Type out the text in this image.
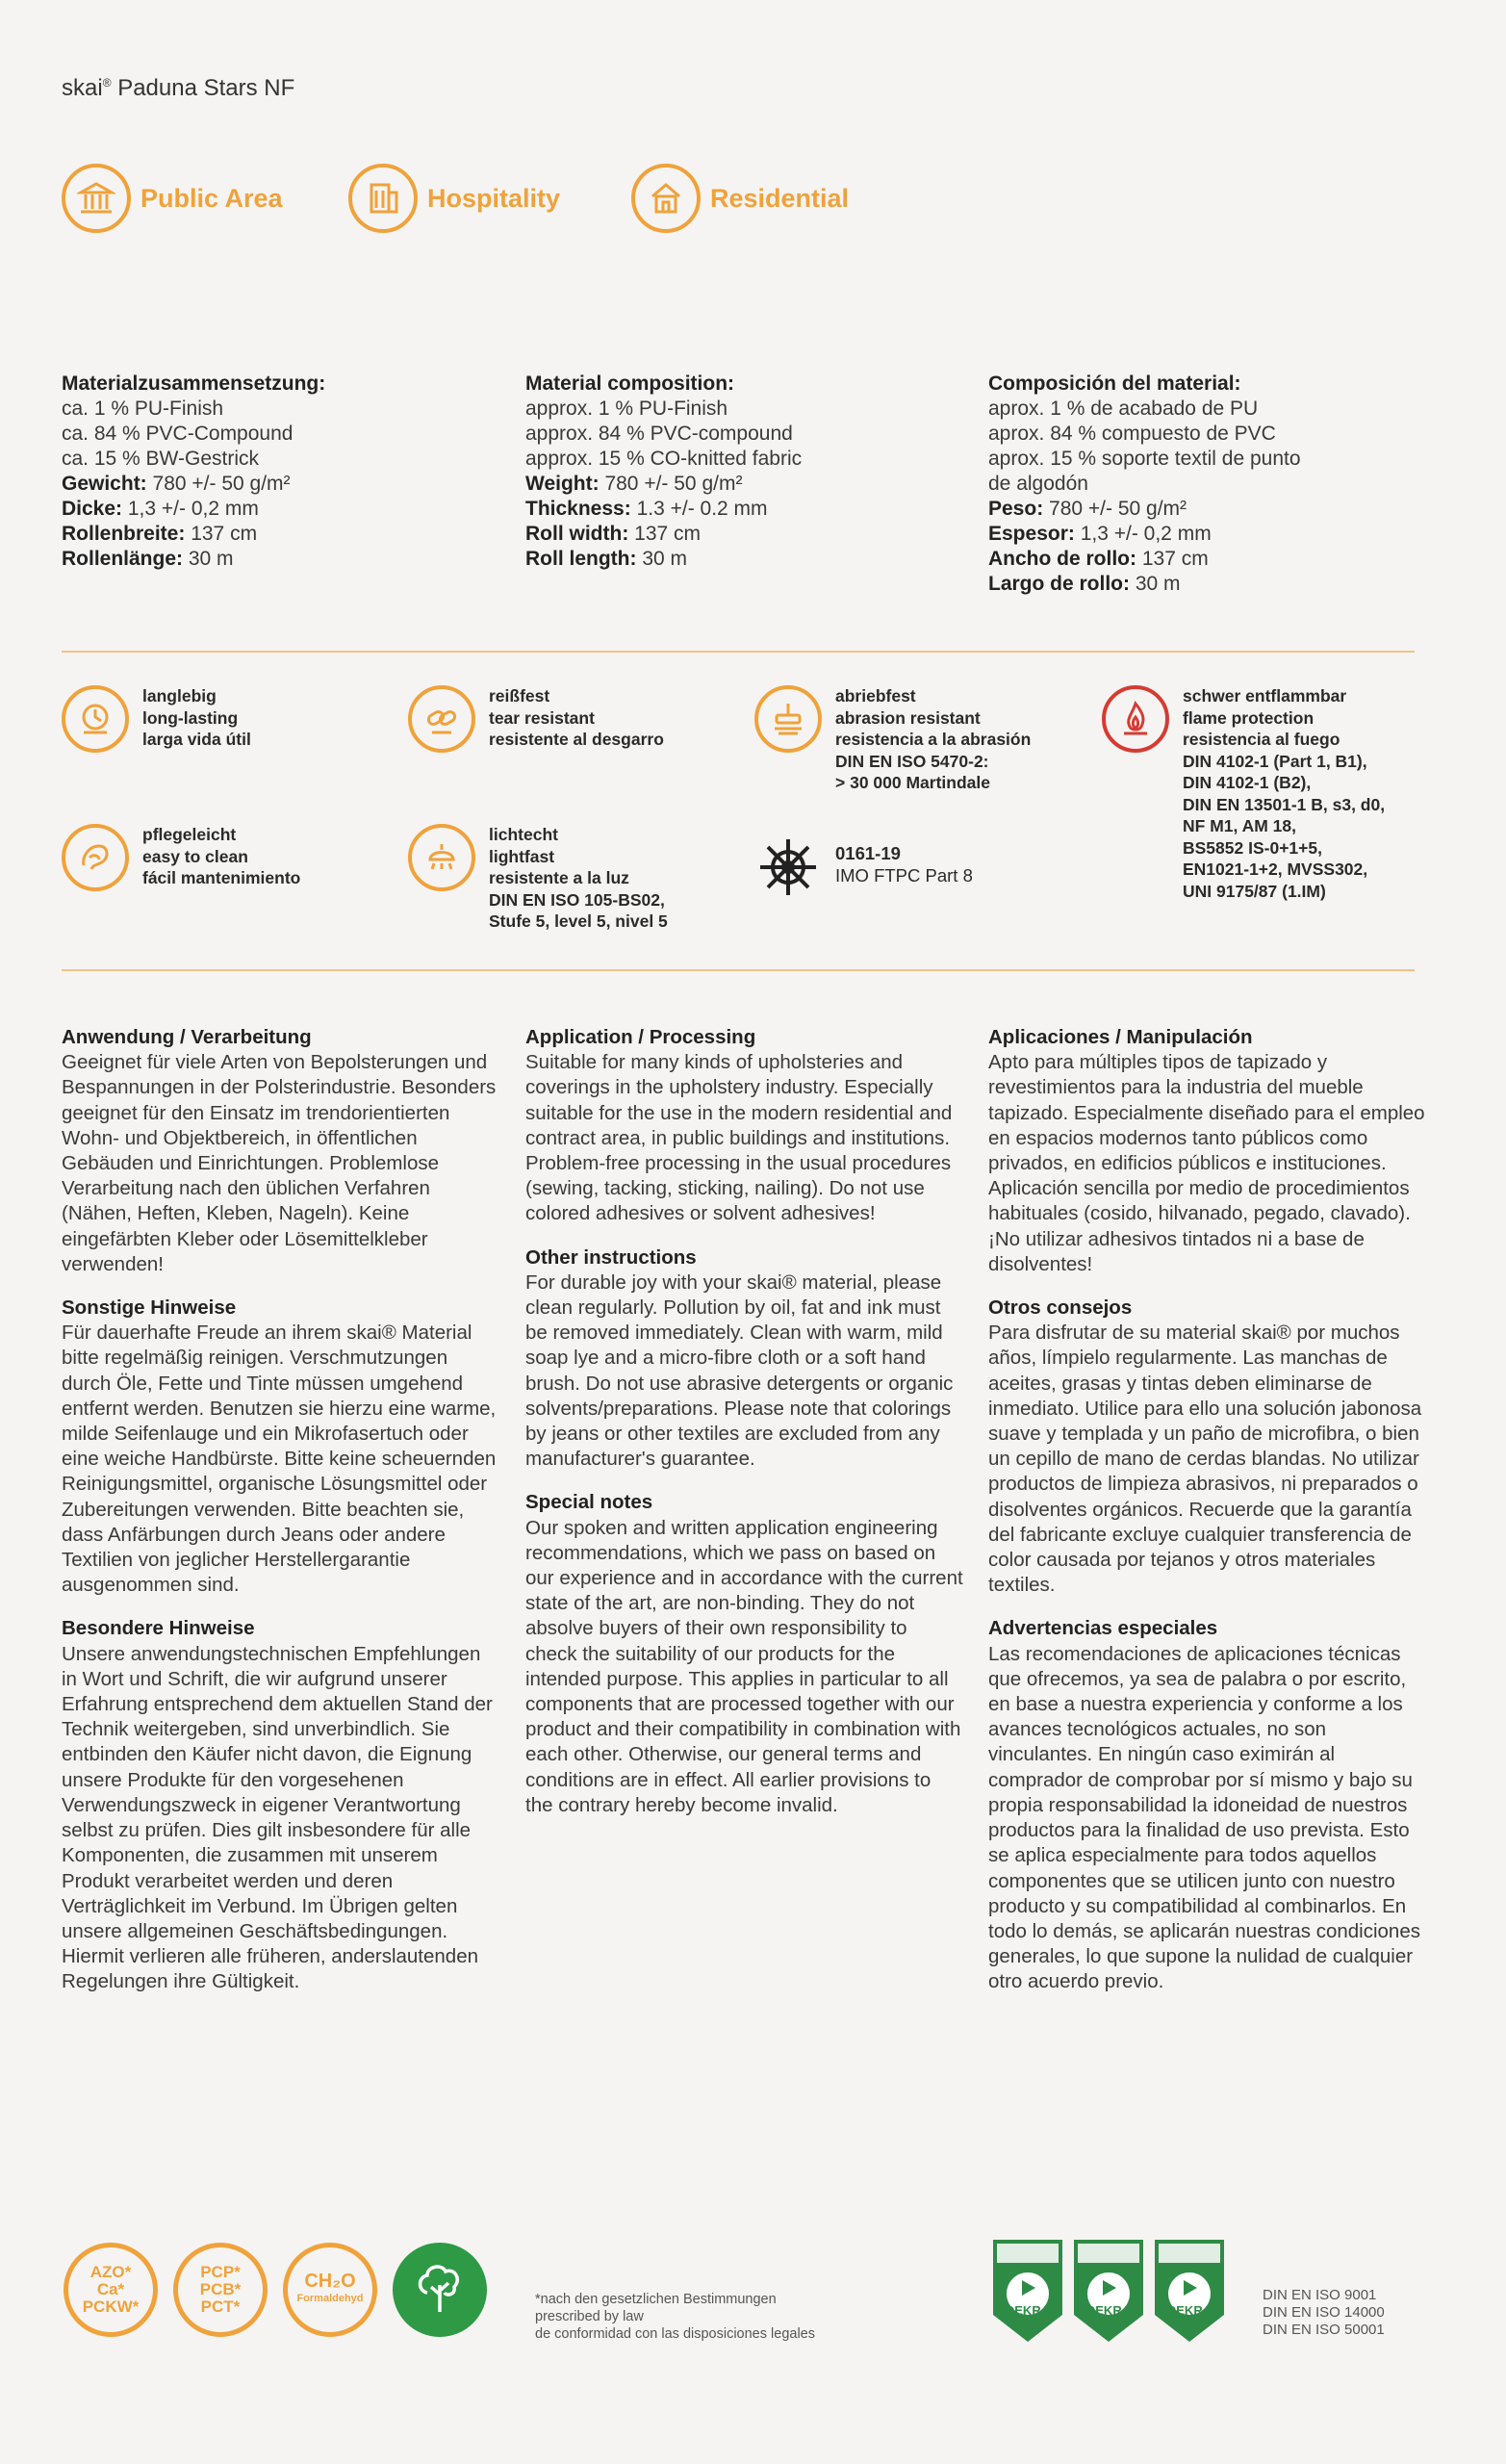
skai® Paduna Stars NF
Public Area	Hospitality	Residential
Materialzusammensetzung:
ca. 1 % PU-Finish
ca. 84 % PVC-Compound
ca. 15 % BW-Gestrick
Gewicht: 780 +/- 50 g/m²
Dicke: 1,3 +/- 0,2 mm
Rollenbreite: 137 cm
Rollenlänge: 30 m
Material composition:
approx. 1 % PU-Finish
approx. 84 % PVC-compound
approx. 15 % CO-knitted fabric
Weight: 780 +/- 50 g/m²
Thickness: 1.3 +/- 0.2 mm
Roll width: 137 cm
Roll length: 30 m
Composición del material:
aprox. 1 % de acabado de PU
aprox. 84 % compuesto de PVC
aprox. 15 % soporte textil de punto
de algodón
Peso: 780 +/- 50 g/m²
Espesor: 1,3 +/- 0,2 mm
Ancho de rollo: 137 cm
Largo de rollo: 30 m
langlebig
long-lasting
larga vida útil
reißfest
tear resistant
resistente al desgarro
abriebfest
abrasion resistant
resistencia a la abrasión
DIN EN ISO 5470-2:
> 30 000 Martindale
schwer entflammbar
flame protection
resistencia al fuego
DIN 4102-1 (Part 1, B1),
DIN 4102-1 (B2),
DIN EN 13501-1 B, s3, d0,
NF M1, AM 18,
BS5852 IS-0+1+5,
EN1021-1+2, MVSS302,
UNI 9175/87 (1.IM)
pflegeleicht
easy to clean
fácil mantenimiento
lichtecht
lightfast
resistente a la luz
DIN EN ISO 105-BS02,
Stufe 5, level 5, nivel 5
0161-19
IMO FTPC Part 8

Anwendung / Verarbeitung
Geeignet für viele Arten von Bepolsterungen und Bespannungen in der Polsterindustrie. Besonders geeignet für den Einsatz im trendorientierten Wohn- und Objektbereich, in öffentlichen Gebäuden und Einrichtungen. Problemlose Verarbeitung nach den üblichen Verfahren (Nähen, Heften, Kleben, Nageln). Keine eingefärbten Kleber oder Lösemittelkleber verwenden!

Sonstige Hinweise
Für dauerhafte Freude an ihrem skai® Material bitte regelmäßig reinigen. Verschmutzungen durch Öle, Fette und Tinte müssen umgehend entfernt werden. Benutzen sie hierzu eine warme, milde Seifenlauge und ein Mikrofasertuch oder eine weiche Handbürste. Bitte keine scheuernden Reinigungsmittel, organische Lösungsmittel oder Zubereitungen verwenden. Bitte beachten sie, dass Anfärbungen durch Jeans oder andere Textilien von jeglicher Herstellergarantie ausgenommen sind.

Besondere Hinweise
Unsere anwendungstechnischen Empfehlungen in Wort und Schrift, die wir aufgrund unserer Erfahrung entsprechend dem aktuellen Stand der Technik weitergeben, sind unverbindlich. Sie entbinden den Käufer nicht davon, die Eignung unsere Produkte für den vorgesehenen Verwendungszweck in eigener Verantwortung selbst zu prüfen. Dies gilt insbesondere für alle Komponenten, die zusammen mit unserem Produkt verarbeitet werden und deren Verträglichkeit im Verbund. Im Übrigen gelten unsere allgemeinen Geschäftsbedingungen. Hiermit verlieren alle früheren, anderslautenden Regelungen ihre Gültigkeit.

Application / Processing
Suitable for many kinds of upholsteries and coverings in the upholstery industry. Especially suitable for the use in the modern residential and contract area, in public buildings and institutions. Problem-free processing in the usual procedures (sewing, tacking, sticking, nailing). Do not use colored adhesives or solvent adhesives!

Other instructions
For durable joy with your skai® material, please clean regularly. Pollution by oil, fat and ink must be removed immediately. Clean with warm, mild soap lye and a micro-fibre cloth or a soft hand brush. Do not use abrasive detergents or organic solvents/preparations. Please note that colorings by jeans or other textiles are excluded from any manufacturer's guarantee.

Special notes
Our spoken and written application engineering recommendations, which we pass on based on our experience and in accordance with the current state of the art, are non-binding. They do not absolve buyers of their own responsibility to check the suitability of our products for the intended purpose. This applies in particular to all components that are processed together with our product and their compatibility in combination with each other. Otherwise, our general terms and conditions are in effect. All earlier provisions to the contrary hereby become invalid.

Aplicaciones / Manipulación
Apto para múltiples tipos de tapizado y revestimientos para la industria del mueble tapizado. Especialmente diseñado para el empleo en espacios modernos tanto públicos como privados, en edificios públicos e instituciones. Aplicación sencilla por medio de procedimientos habituales (cosido, hilvanado, pegado, clavado). ¡No utilizar adhesivos tintados ni a base de disolventes!

Otros consejos
Para disfrutar de su material skai® por muchos años, límpielo regularmente. Las manchas de aceites, grasas y tintas deben eliminarse de inmediato. Utilice para ello una solución jabonosa suave y templada y un paño de microfibra, o bien un cepillo de mano de cerdas blandas. No utilizar productos de limpieza abrasivos, ni preparados o disolventes orgánicos. Recuerde que la garantía del fabricante excluye cualquier transferencia de color causada por tejanos y otros materiales textiles.

Advertencias especiales
Las recomendaciones de aplicaciones técnicas que ofrecemos, ya sea de palabra o por escrito, en base a nuestra experiencia y conforme a los avances tecnológicos actuales, no son vinculantes. En ningún caso eximirán al comprador de comprobar por sí mismo y bajo su propia responsabilidad la idoneidad de nuestros productos para la finalidad de uso prevista. Esto se aplica especialmente para todos aquellos componentes que se utilicen junto con nuestro producto y su compatibilidad al combinarlos. En todo lo demás, se aplicarán nuestras condiciones generales, lo que supone la nulidad de cualquier otro acuerdo previo.

AZO*
Ca*
PCKW*
PCP*
PCB*
PCT*
CH₂O
Formaldehyd	*nach den gesetzlichen Bestimmungen
prescribed by law
de conformidad con las disposiciones legales
DEKRA	DEKRA	DEKRA
DIN EN ISO 9001
DIN EN ISO 14000
DIN EN ISO 50001
